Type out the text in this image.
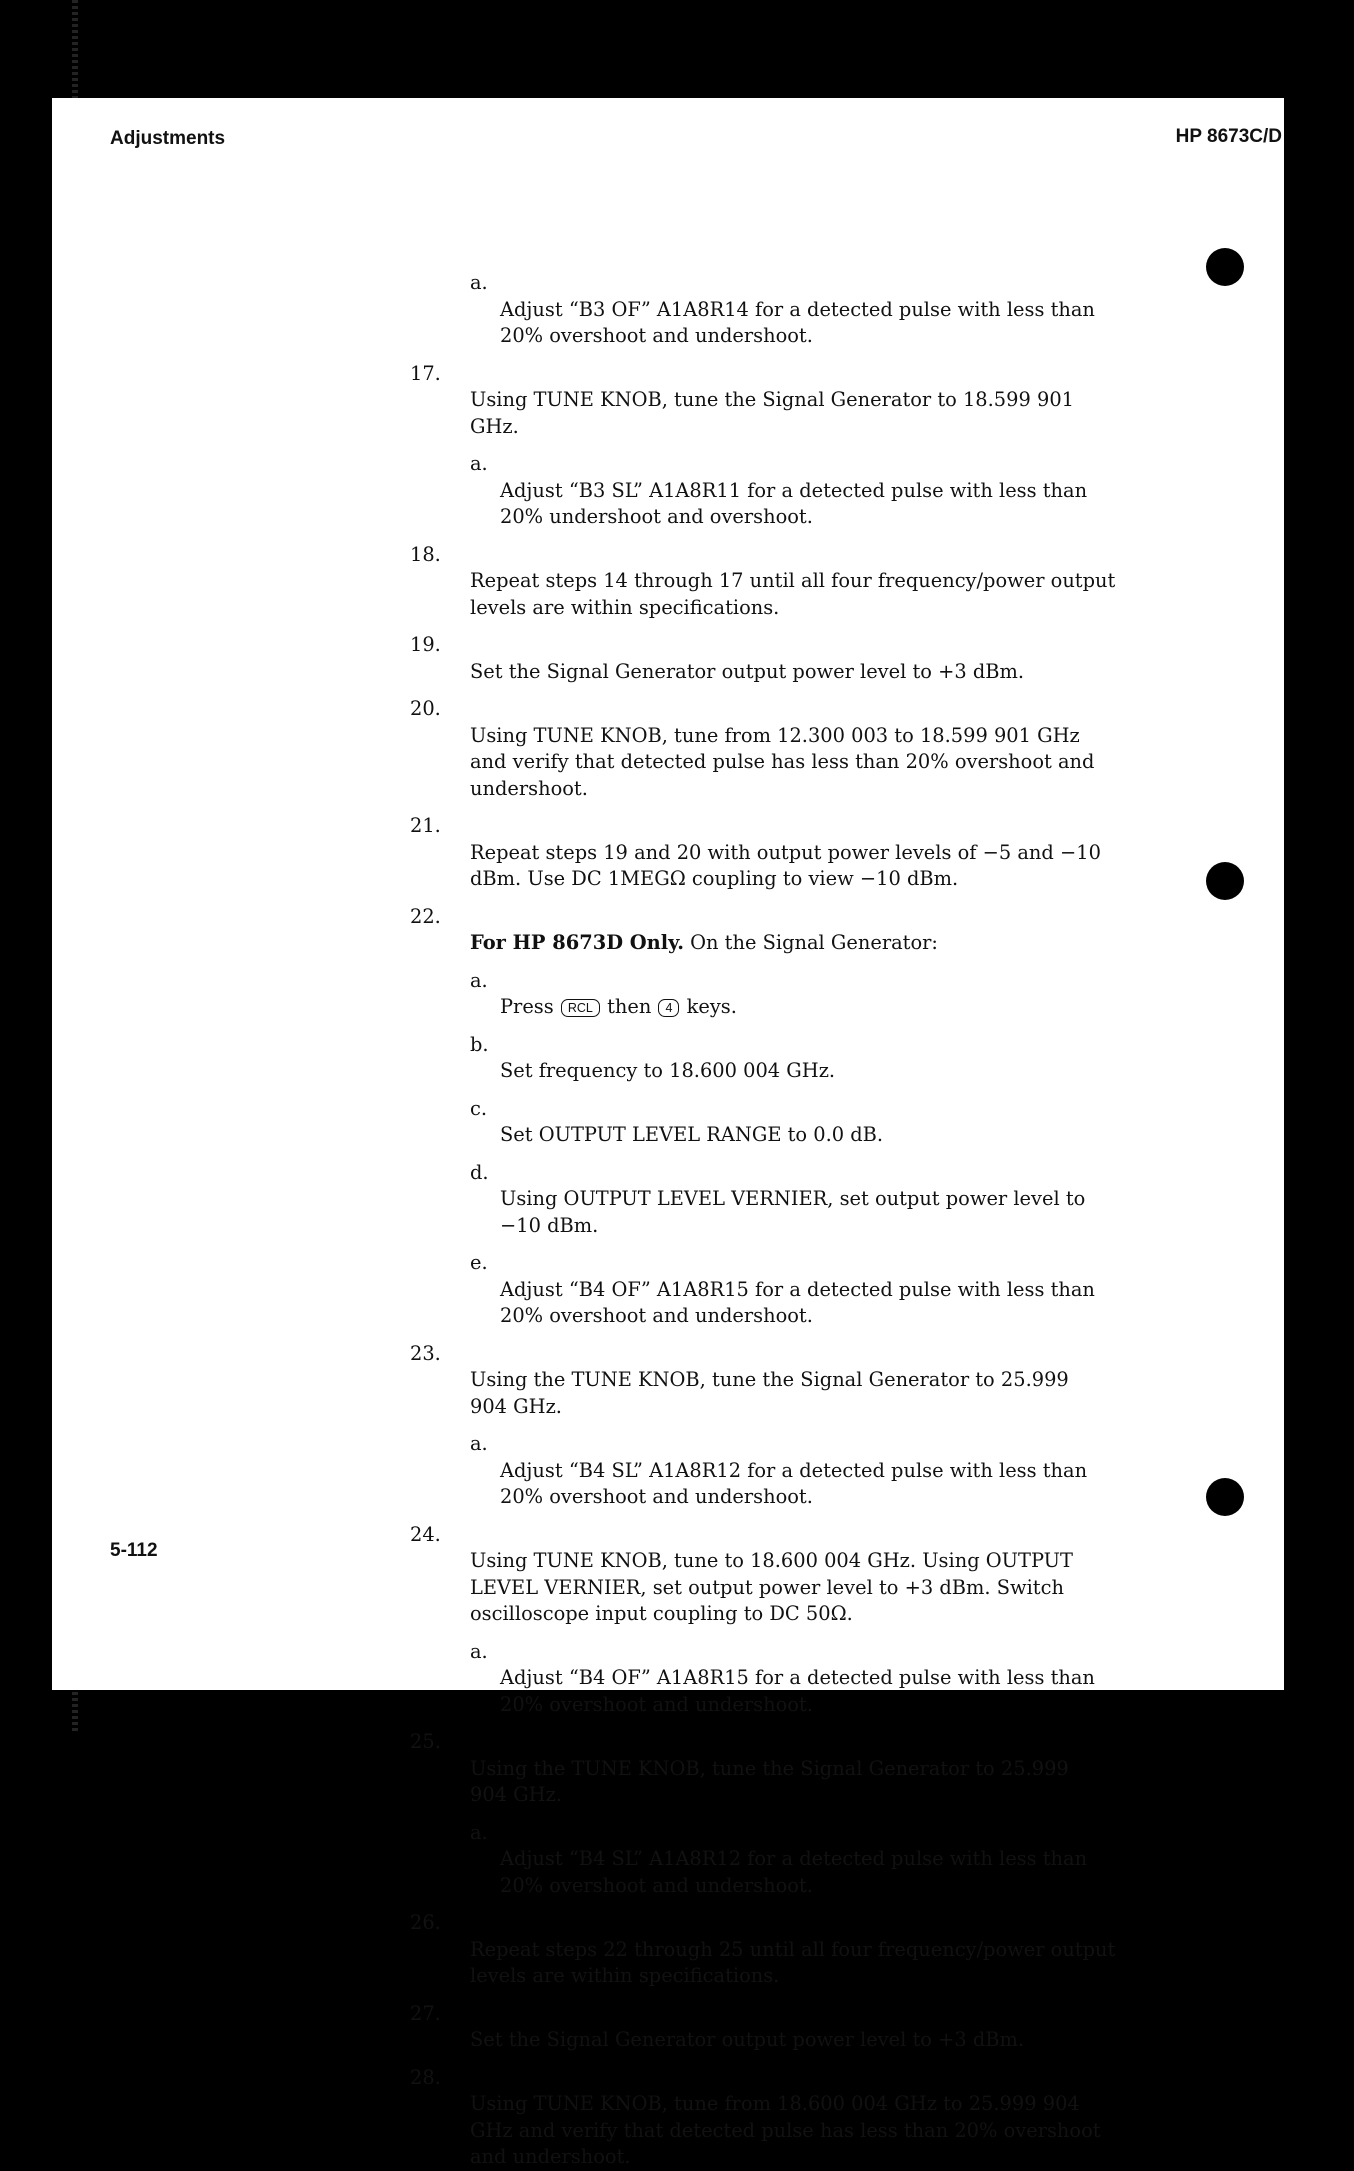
Adjustments	HP 8673C/D

a.
Adjust “B3 OF” A1A8R14 for a detected pulse with less than
20% overshoot and undershoot.

17.
Using TUNE KNOB, tune the Signal Generator to 18.599 901
GHz.

a.
Adjust “B3 SL” A1A8R11 for a detected pulse with less than
20% undershoot and overshoot.

18.
Repeat steps 14 through 17 until all four frequency/power output
levels are within specifications.

19.
Set the Signal Generator output power level to +3 dBm.

20.
Using TUNE KNOB, tune from 12.300 003 to 18.599 901 GHz
and verify that detected pulse has less than 20% overshoot and
undershoot.

21.
Repeat steps 19 and 20 with output power levels of −5 and −10
dBm. Use DC 1MEGΩ coupling to view −10 dBm.

22.
For HP 8673D Only. On the Signal Generator:

a.
Press RCL then 4 keys.

b.
Set frequency to 18.600 004 GHz.

c.
Set OUTPUT LEVEL RANGE to 0.0 dB.

d.
Using OUTPUT LEVEL VERNIER, set output power level to
−10 dBm.

e.
Adjust “B4 OF” A1A8R15 for a detected pulse with less than
20% overshoot and undershoot.

23.
Using the TUNE KNOB, tune the Signal Generator to 25.999
904 GHz.

a.
Adjust “B4 SL” A1A8R12 for a detected pulse with less than
20% overshoot and undershoot.

24.
Using TUNE KNOB, tune to 18.600 004 GHz. Using OUTPUT
LEVEL VERNIER, set output power level to +3 dBm. Switch
oscilloscope input coupling to DC 50Ω.

a.
Adjust “B4 OF” A1A8R15 for a detected pulse with less than
20% overshoot and undershoot.

25.
Using the TUNE KNOB, tune the Signal Generator to 25.999
904 GHz.

a.
Adjust “B4 SL” A1A8R12 for a detected pulse with less than
20% overshoot and undershoot.

26.
Repeat steps 22 through 25 until all four frequency/power output
levels are within specifications.

27.
Set the Signal Generator output power level to +3 dBm.

28.
Using TUNE KNOB, tune from 18.600 004 GHz to 25.999 904
GHz and verify that detected pulse has less than 20% overshoot
and undershoot.

5-112
